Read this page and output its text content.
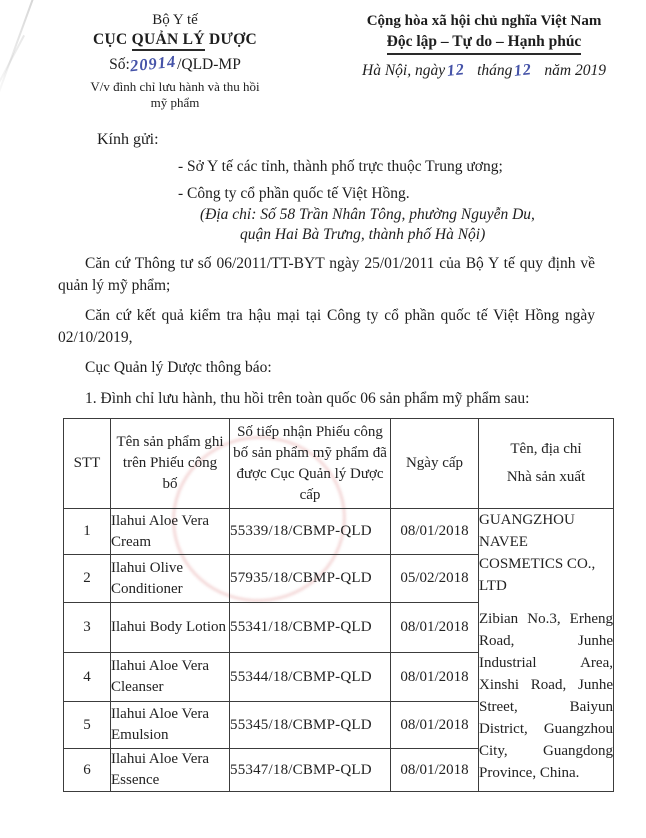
Bộ Y tế
CỤC QUẢN LÝ DƯỢC
Số:20914/QLD-MP
V/v đình chỉ lưu hành và thu hồi
mỹ phẩm
Cộng hòa xã hội chủ nghĩa Việt Nam
Độc lập – Tự do – Hạnh phúc
Hà Nội, ngày12 tháng12 năm 2019
Kính gửi:
- Sở Y tế các tỉnh, thành phố trực thuộc Trung ương;
- Công ty cổ phần quốc tế Việt Hồng.
(Địa chỉ: Số 58 Trần Nhân Tông, phường Nguyễn Du,
quận Hai Bà Trưng, thành phố Hà Nội)

Căn cứ Thông tư số 06/2011/TT-BYT ngày 25/01/2011 của Bộ Y tế quy định về quản lý mỹ phẩm;

Căn cứ kết quả kiểm tra hậu mại tại Công ty cổ phần quốc tế Việt Hồng ngày 02/10/2019,

Cục Quản lý Dược thông báo:

1. Đình chỉ lưu hành, thu hồi trên toàn quốc 06 sản phẩm mỹ phẩm sau:

STT	Tên sản phẩm ghi trên Phiếu công bố	Số tiếp nhận Phiếu công bố sản phẩm mỹ phẩm đã được Cục Quản lý Dược cấp	Ngày cấp	Tên, địa chỉ
Nhà sản xuất

1	Ilahui Aloe Vera Cream	55339/18/CBMP-QLD	08/01/2018	GUANGZHOU NAVEE COSMETICS CO., LTD
Zibian No.3, Erheng Road, Junhe Industrial Area, Xinshi Road, Junhe Street, Baiyun District, Guangzhou City, Guangdong Province, China.

2	Ilahui Olive Conditioner	57935/18/CBMP-QLD	05/02/2018	
3	Ilahui Body Lotion	55341/18/CBMP-QLD	08/01/2018	
4	Ilahui Aloe Vera Cleanser	55344/18/CBMP-QLD	08/01/2018	
5	Ilahui Aloe Vera Emulsion	55345/18/CBMP-QLD	08/01/2018	
6	Ilahui Aloe Vera Essence	55347/18/CBMP-QLD	08/01/2018	
